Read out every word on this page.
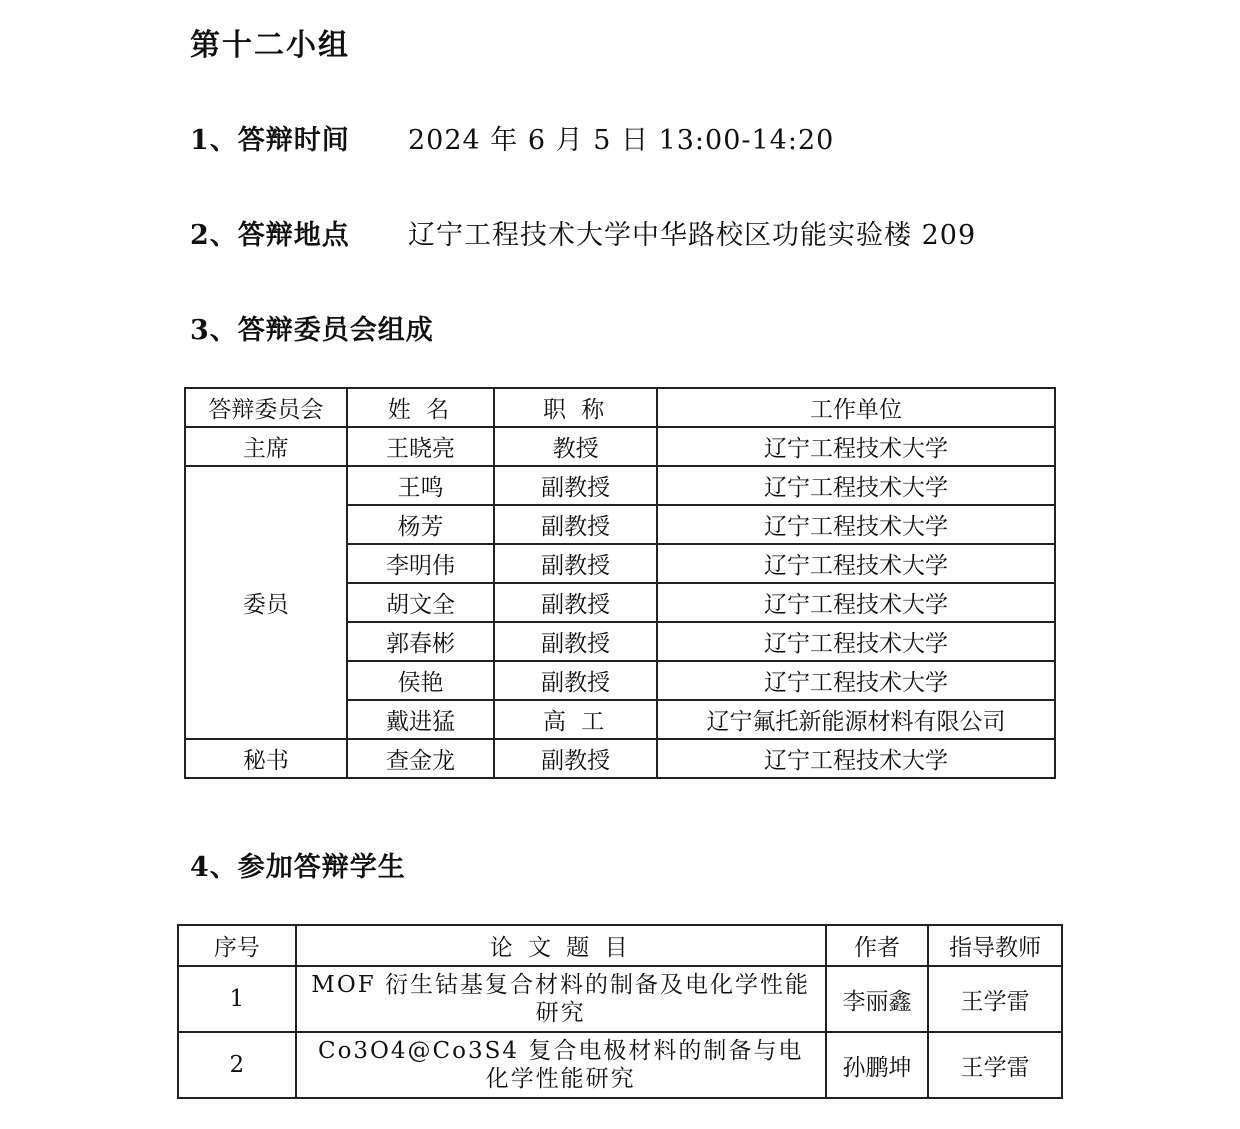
第十二小组
1、答辩时间 2024 年 6 月 5 日 13:00-14:20
2、答辩地点 辽宁工程技术大学中华路校区功能实验楼 209
3、答辩委员会组成
答辩委员会	姓 名	职 称	工作单位
主席	王晓亮	教授	辽宁工程技术大学
委员	王鸣	副教授	辽宁工程技术大学
	杨芳	副教授	辽宁工程技术大学
	李明伟	副教授	辽宁工程技术大学
	胡文全	副教授	辽宁工程技术大学
	郭春彬	副教授	辽宁工程技术大学
	侯艳	副教授	辽宁工程技术大学
	戴进猛	高 工	辽宁氟托新能源材料有限公司
秘书	查金龙	副教授	辽宁工程技术大学
4、参加答辩学生
序号	论 文 题 目	作者	指导教师
1	MOF 衍生钴基复合材料的制备及电化学性能研究	李丽鑫	王学雷
2	Co3O4@Co3S4 复合电极材料的制备与电化学性能研究	孙鹏坤	王学雷
